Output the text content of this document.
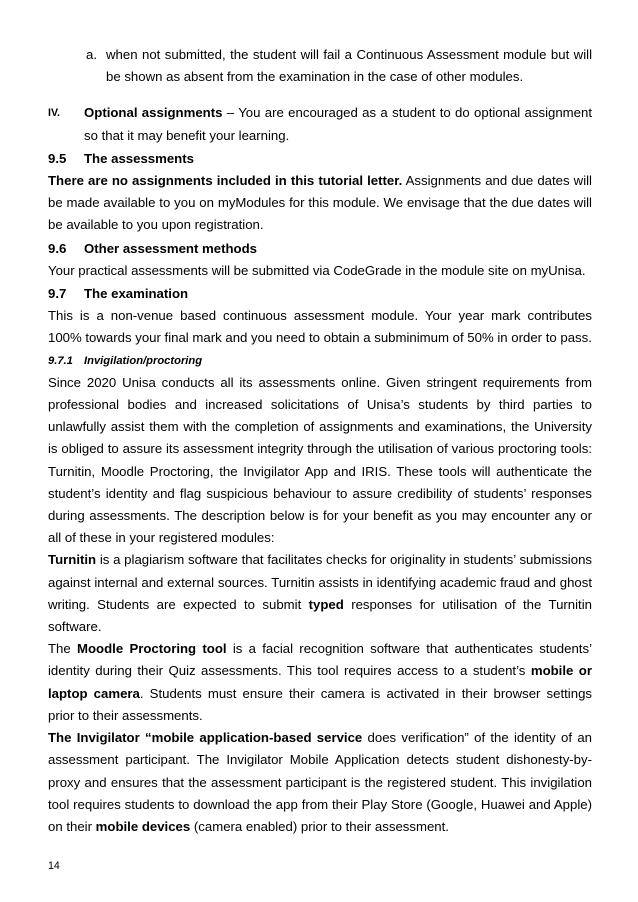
a. when not submitted, the student will fail a Continuous Assessment module but will be shown as absent from the examination in the case of other modules.
IV.	Optional assignments – You are encouraged as a student to do optional assignment so that it may benefit your learning.
9.5	The assessments

There are no assignments included in this tutorial letter. Assignments and due dates will be made available to you on myModules for this module. We envisage that the due dates will be available to you upon registration.

9.6	Other assessment methods

Your practical assessments will be submitted via CodeGrade in the module site on myUnisa.

9.7	The examination

This is a non-venue based continuous assessment module. Your year mark contributes 100% towards your final mark and you need to obtain a subminimum of 50% in order to pass.

9.7.1 Invigilation/proctoring

Since 2020 Unisa conducts all its assessments online. Given stringent requirements from professional bodies and increased solicitations of Unisa’s students by third parties to unlawfully assist them with the completion of assignments and examinations, the University is obliged to assure its assessment integrity through the utilisation of various proctoring tools: Turnitin, Moodle Proctoring, the Invigilator App and IRIS. These tools will authenticate the student’s identity and flag suspicious behaviour to assure credibility of students’ responses during assessments. The description below is for your benefit as you may encounter any or all of these in your registered modules:

Turnitin is a plagiarism software that facilitates checks for originality in students’ submissions against internal and external sources. Turnitin assists in identifying academic fraud and ghost writing. Students are expected to submit typed responses for utilisation of the Turnitin software.

The Moodle Proctoring tool is a facial recognition software that authenticates students’ identity during their Quiz assessments. This tool requires access to a student’s mobile or laptop camera. Students must ensure their camera is activated in their browser settings prior to their assessments.

The Invigilator “mobile application-based service does verification” of the identity of an assessment participant. The Invigilator Mobile Application detects student dishonesty-by-proxy and ensures that the assessment participant is the registered student. This invigilation tool requires students to download the app from their Play Store (Google, Huawei and Apple) on their mobile devices (camera enabled) prior to their assessment.

14
